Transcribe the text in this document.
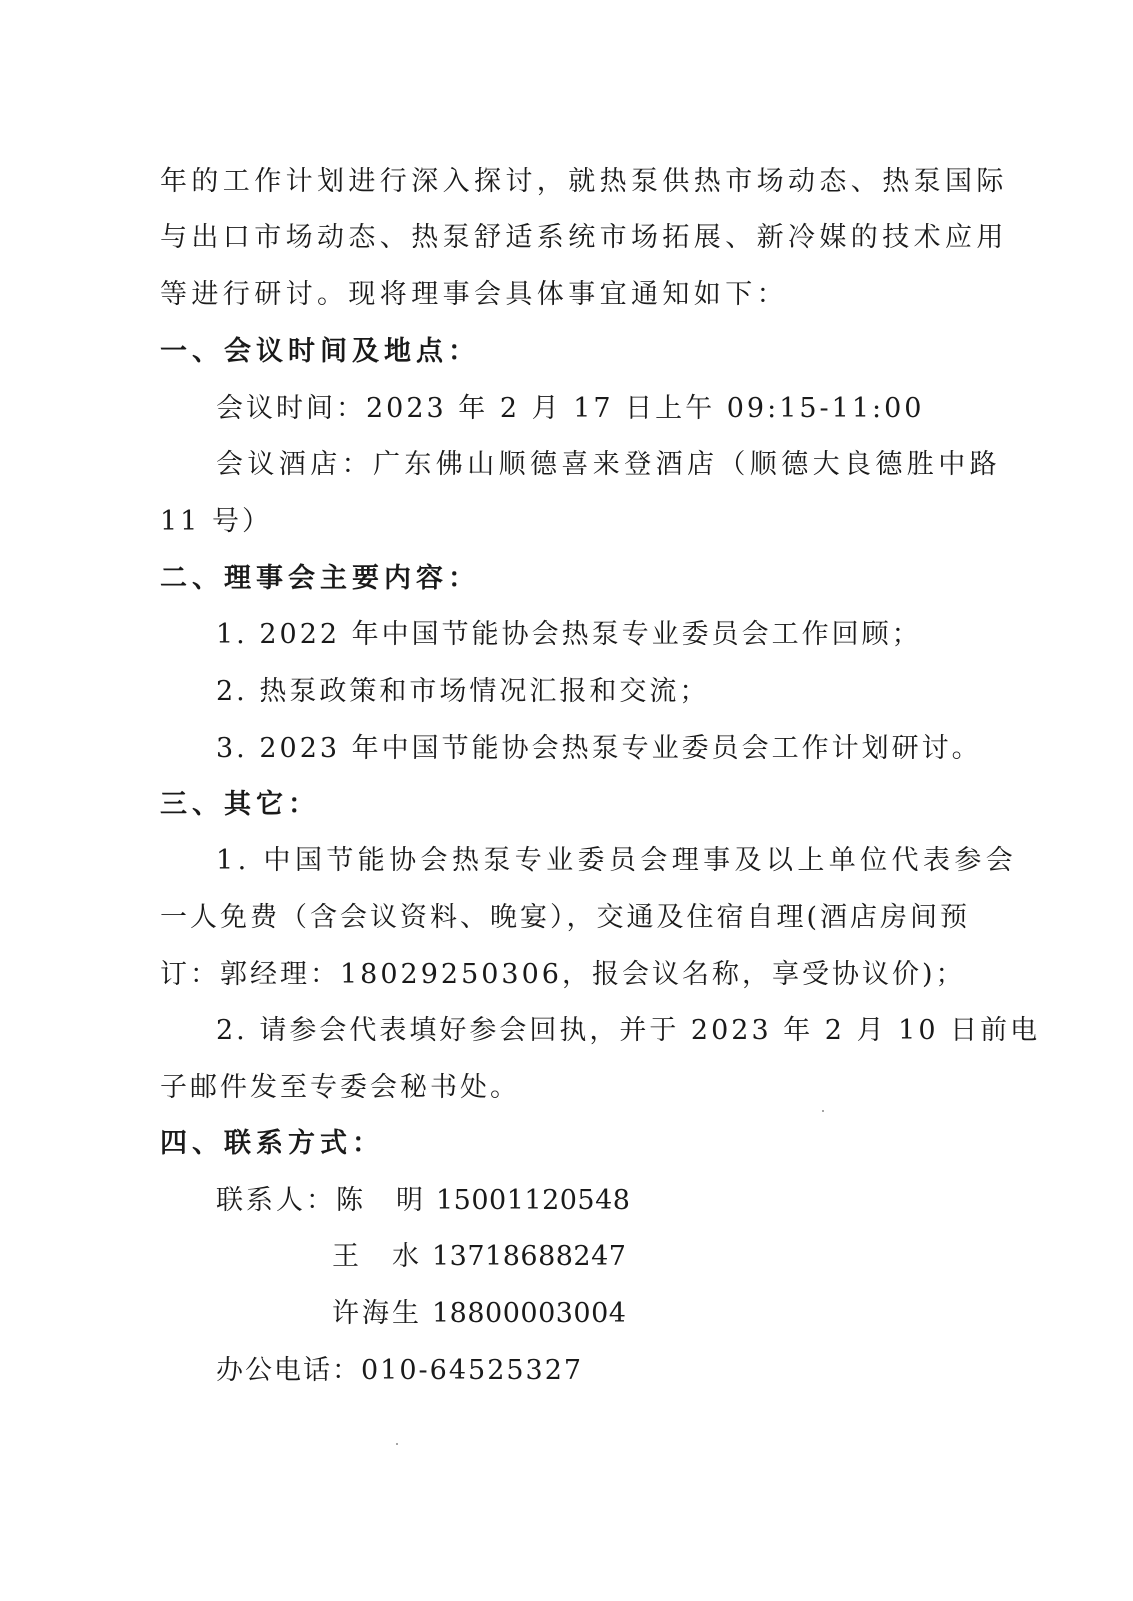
年的工作计划进行深入探讨，就热泵供热市场动态、热泵国际
与出口市场动态、热泵舒适系统市场拓展、新冷媒的技术应用
等进行研讨。现将理事会具体事宜通知如下：
一、会议时间及地点：
会议时间：2023 年 2 月 17 日上午 09:15-11:00
会议酒店：广东佛山顺德喜来登酒店（顺德大良德胜中路
11 号）
二、理事会主要内容：
1. 2022 年中国节能协会热泵专业委员会工作回顾；
2. 热泵政策和市场情况汇报和交流；
3. 2023 年中国节能协会热泵专业委员会工作计划研讨。
三、其它：
1. 中国节能协会热泵专业委员会理事及以上单位代表参会
一人免费（含会议资料、晚宴），交通及住宿自理(酒店房间预
订：郭经理：18029250306，报会议名称，享受协议价)；
2. 请参会代表填好参会回执，并于 2023 年 2 月 10 日前电
子邮件发至专委会秘书处。
四、联系方式：
联系人：陈　明 15001120548
王　水 13718688247
许海生 18800003004
办公电话：010-64525327
